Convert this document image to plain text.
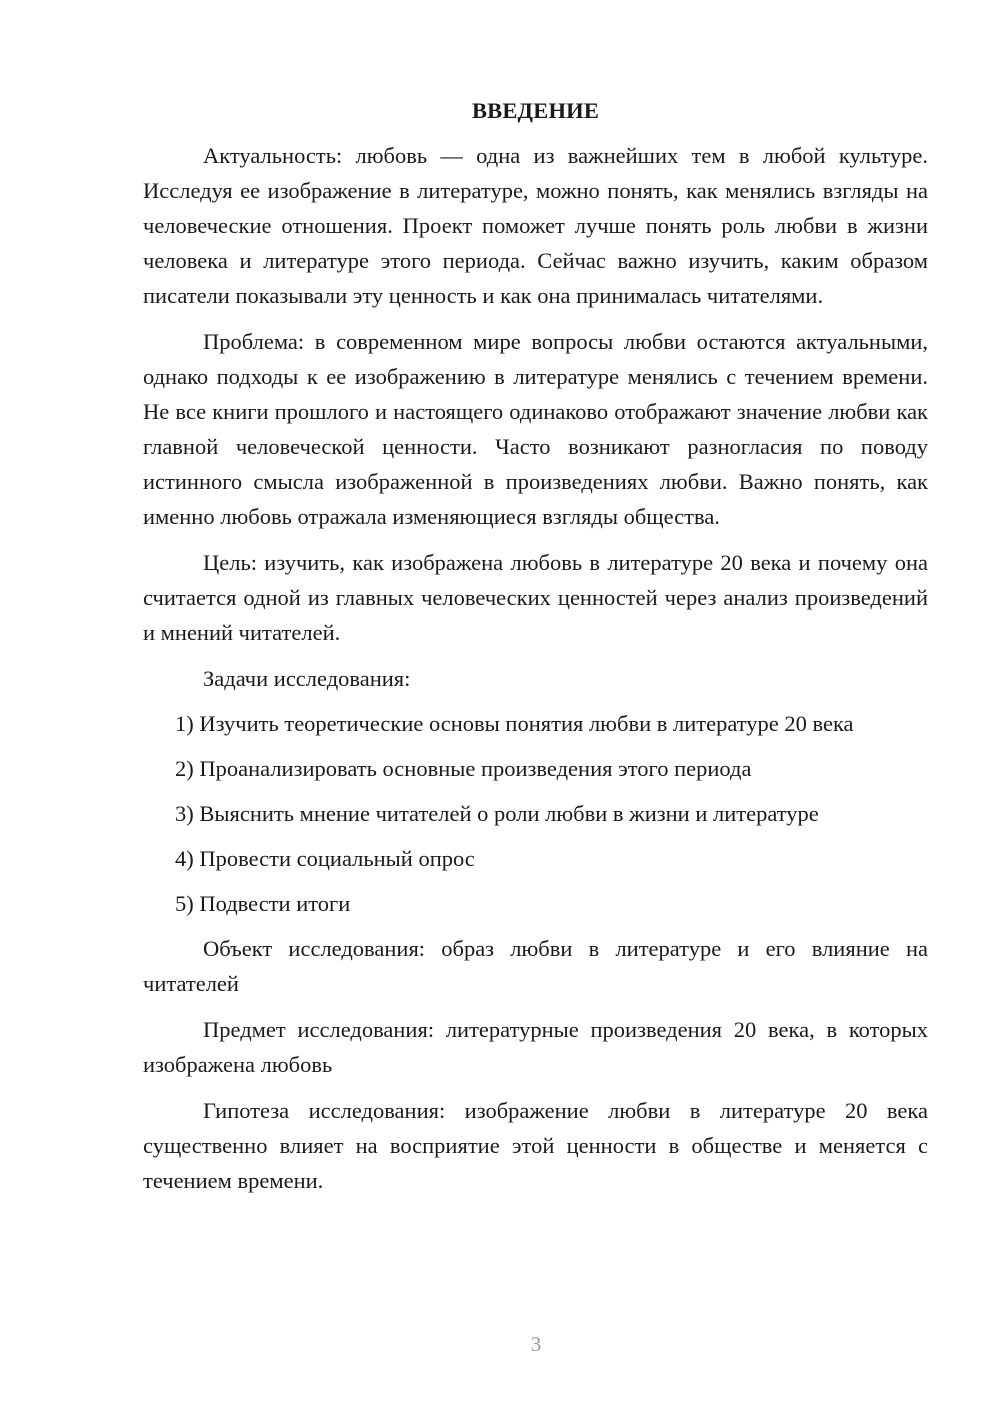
ВВЕДЕНИЕ

Актуальность: любовь — одна из важнейших тем в любой культуре. Исследуя ее изображение в литературе, можно понять, как менялись взгляды на человеческие отношения. Проект поможет лучше понять роль любви в жизни человека и литературе этого периода. Сейчас важно изучить, каким образом писатели показывали эту ценность и как она принималась читателями.

Проблема: в современном мире вопросы любви остаются актуальными, однако подходы к ее изображению в литературе менялись с течением времени. Не все книги прошлого и настоящего одинаково отображают значение любви как главной человеческой ценности. Часто возникают разногласия по поводу истинного смысла изображенной в произведениях любви. Важно понять, как именно любовь отражала изменяющиеся взгляды общества.

Цель: изучить, как изображена любовь в литературе 20 века и почему она считается одной из главных человеческих ценностей через анализ произведений и мнений читателей.

Задачи исследования:

1) Изучить теоретические основы понятия любви в литературе 20 века
2) Проанализировать основные произведения этого периода
3) Выяснить мнение читателей о роли любви в жизни и литературе
4) Провести социальный опрос
5) Подвести итоги

Объект исследования: образ любви в литературе и его влияние на читателей

Предмет исследования: литературные произведения 20 века, в которых изображена любовь

Гипотеза исследования: изображение любви в литературе 20 века существенно влияет на восприятие этой ценности в обществе и меняется с течением времени.

3
